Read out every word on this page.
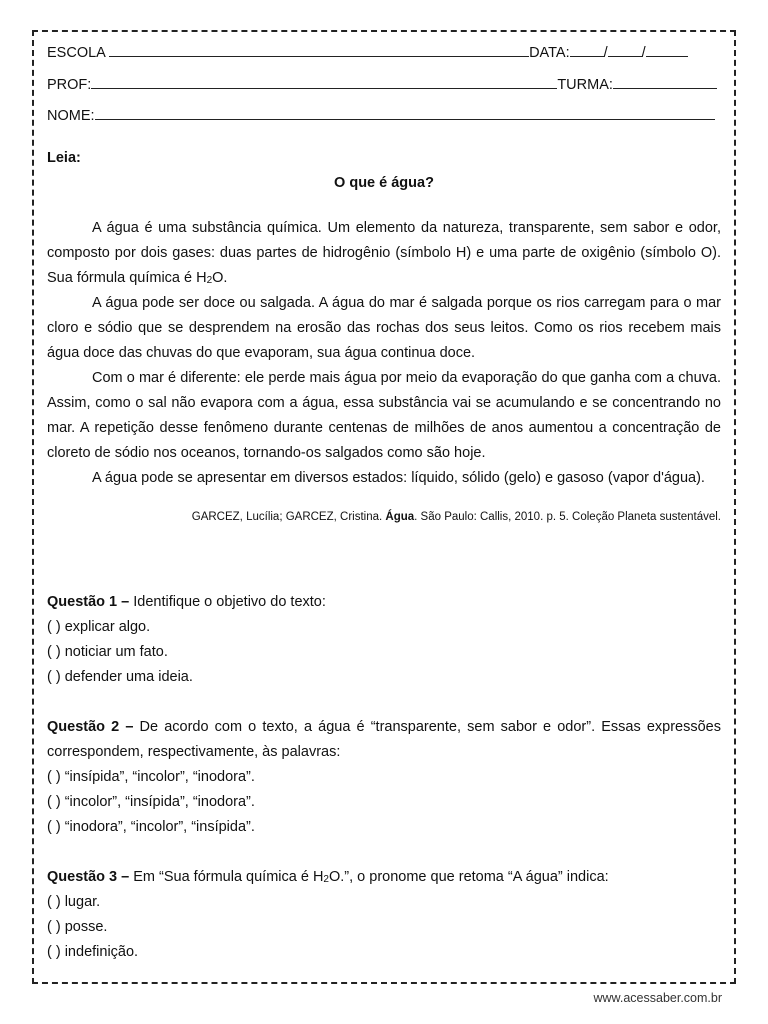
ESCOLA	DATA: / /
PROF:	TURMA:
NOME:
Leia:
O que é água?

A água é uma substância química. Um elemento da natureza, transparente, sem sabor e odor, composto por dois gases: duas partes de hidrogênio (símbolo H) e uma parte de oxigênio (símbolo O). Sua fórmula química é $H_2O$.

A água pode ser doce ou salgada. A água do mar é salgada porque os rios carregam para o mar cloro e sódio que se desprendem na erosão das rochas dos seus leitos. Como os rios recebem mais água doce das chuvas do que evaporam, sua água continua doce.

Com o mar é diferente: ele perde mais água por meio da evaporação do que ganha com a chuva. Assim, como o sal não evapora com a água, essa substância vai se acumulando e se concentrando no mar. A repetição desse fenômeno durante centenas de milhões de anos aumentou a concentração de cloreto de sódio nos oceanos, tornando-os salgados como são hoje.

A água pode se apresentar em diversos estados: líquido, sólido (gelo) e gasoso (vapor d'água).

GARCEZ, Lucília; GARCEZ, Cristina. Água. São Paulo: Callis, 2010. p. 5. Coleção Planeta sustentável.

Questão 1 – Identifique o objetivo do texto:

( ) explicar algo.

( ) noticiar um fato.

( ) defender uma ideia.

Questão 2 – De acordo com o texto, a água é “transparente, sem sabor e odor”. Essas expressões correspondem, respectivamente, às palavras:

( ) “insípida”, “incolor”, “inodora”.

( ) “incolor”, “insípida”, “inodora”.

( ) “inodora”, “incolor”, “insípida”.

Questão 3 – Em “Sua fórmula química é $H_2O$.”, o pronome que retoma “A água” indica:

( ) lugar.

( ) posse.

( ) indefinição.

www.acessaber.com.br
